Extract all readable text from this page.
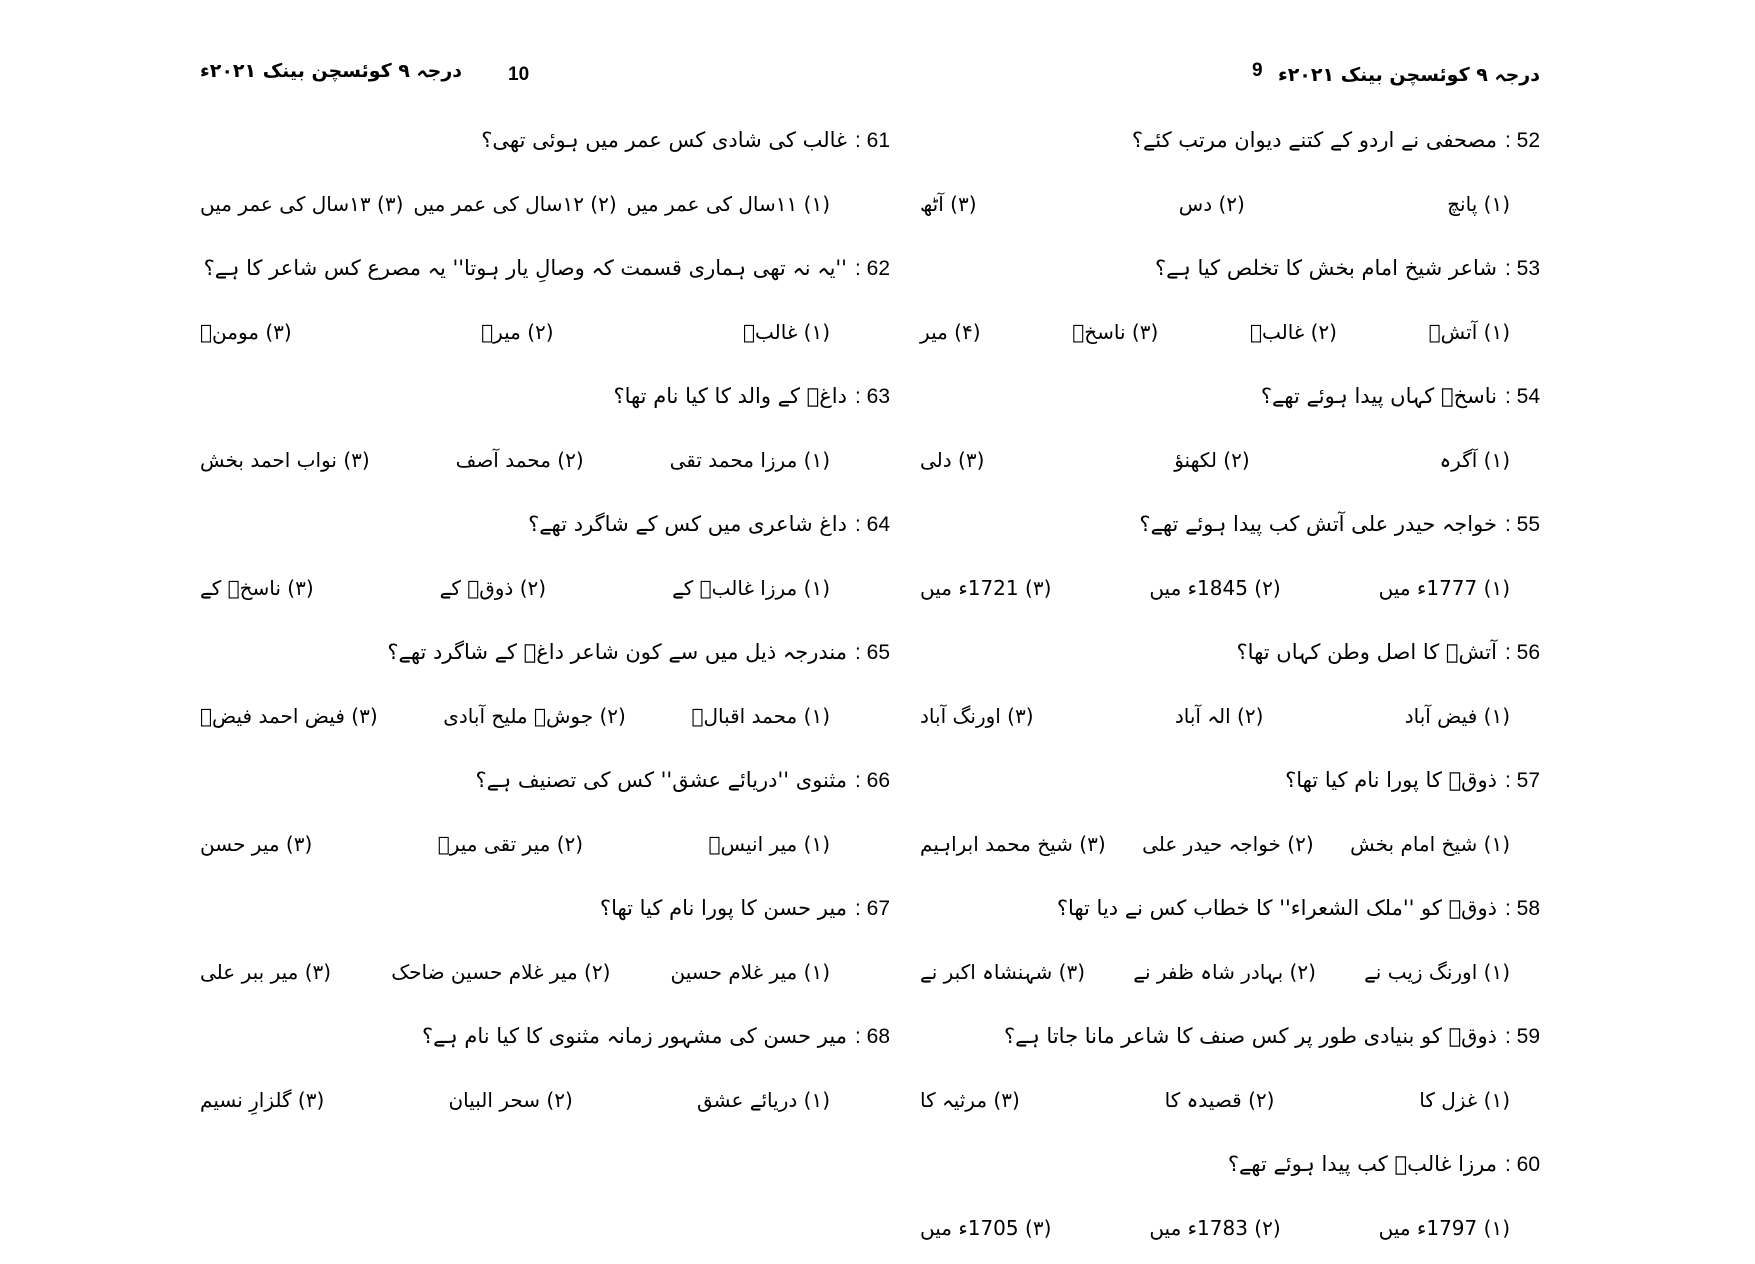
درجہ ۹ کوئسچن بینک ۲۰۲۱ء 10
: 61غالب کی شادی کس عمر میں ہوئی تھی؟
(۱) ۱۱سال کی عمر میں
(۲) ۱۲سال کی عمر میں
(۳) ۱۳سال کی عمر میں
: 62''یہ نہ تھی ہماری قسمت کہ وصالِ یار ہوتا'' یہ مصرع کس شاعر کا ہے؟
(۱) غالبؔ
(۲) میرؔ
(۳) مومنؔ
: 63داغؔ کے والد کا کیا نام تھا؟
(۱) مرزا محمد تقی
(۲) محمد آصف
(۳) نواب احمد بخش
: 64داغ شاعری میں کس کے شاگرد تھے؟
(۱) مرزا غالبؔ کے
(۲) ذوقؔ کے
(۳) ناسخؔ کے
: 65مندرجہ ذیل میں سے کون شاعر داغؔ کے شاگرد تھے؟
(۱) محمد اقبالؔ
(۲) جوشؔ ملیح آبادی
(۳) فیض احمد فیضؔ
: 66مثنوی ''دریائے عشق'' کس کی تصنیف ہے؟
(۱) میر انیسؔ
(۲) میر تقی میرؔ
(۳) میر حسن
: 67میر حسن کا پورا نام کیا تھا؟
(۱) میر غلام حسین
(۲) میر غلام حسین ضاحک
(۳) میر ببر علی
: 68میر حسن کی مشہور زمانہ مثنوی کا کیا نام ہے؟
(۱) دریائے عشق
(۲) سحر البیان
(۳) گلزارِ نسیم
درجہ ۹ کوئسچن بینک ۲۰۲۱ء
9
: 52مصحفی نے اردو کے کتنے دیوان مرتب کئے؟
(۱) پانچ
(۲) دس
(۳) آٹھ
: 53شاعر شیخ امام بخش کا تخلص کیا ہے؟
(۱) آتشؔ
(۲) غالبؔ
(۳) ناسخؔ
(۴) میر
: 54ناسخؔ کہاں پیدا ہوئے تھے؟
(۱) آگرہ
(۲) لکھنؤ
(۳) دلی
: 55خواجہ حیدر علی آتش کب پیدا ہوئے تھے؟
(۱) 1777ء میں
(۲) 1845ء میں
(۳) 1721ء میں
: 56آتشؔ کا اصل وطن کہاں تھا؟
(۱) فیض آباد
(۲) الہ آباد
(۳) اورنگ آباد
: 57ذوقؔ کا پورا نام کیا تھا؟
(۱) شیخ امام بخش
(۲) خواجہ حیدر علی
(۳) شیخ محمد ابراہیم
: 58ذوقؔ کو ''ملک الشعراء'' کا خطاب کس نے دیا تھا؟
(۱) اورنگ زیب نے
(۲) بہادر شاہ ظفر نے
(۳) شہنشاہ اکبر نے
: 59ذوقؔ کو بنیادی طور پر کس صنف کا شاعر مانا جاتا ہے؟
(۱) غزل کا
(۲) قصیدہ کا
(۳) مرثیہ کا
: 60مرزا غالبؔ کب پیدا ہوئے تھے؟
(۱) 1797ء میں
(۲) 1783ء میں
(۳) 1705ء میں
